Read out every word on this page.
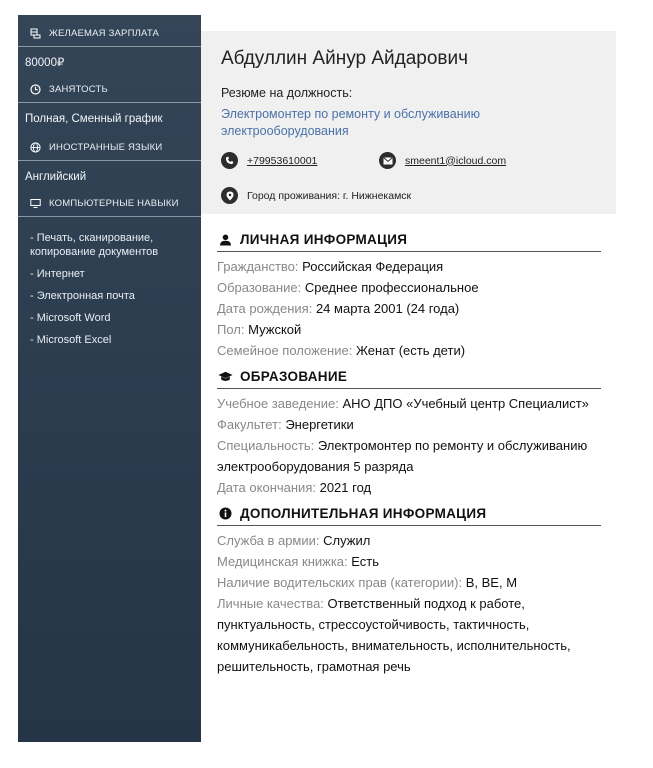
ЖЕЛАЕМАЯ ЗАРПЛАТА
80000₽
ЗАНЯТОСТЬ
Полная, Сменный график
ИНОСТРАННЫЕ ЯЗЫКИ
Английский
КОМПЬЮТЕРНЫЕ НАВЫКИ
- Печать, сканирование, копирование документов
- Интернет
- Электронная почта
- Microsoft Word
- Microsoft Excel
Абдуллин Айнур Айдарович
Резюме на должность:
Электромонтер по ремонту и обслуживанию электрооборудования
+79953610001	smeent1@icloud.com
Город проживания: г. Нижнекамск
ЛИЧНАЯ ИНФОРМАЦИЯ
Гражданство: Российская Федерация
Образование: Среднее профессиональное
Дата рождения: 24 марта 2001 (24 года)
Пол: Мужской
Семейное положение: Женат (есть дети)
ОБРАЗОВАНИЕ
Учебное заведение: АНО ДПО «Учебный центр Специалист»
Факультет: Энергетики
Специальность: Электромонтер по ремонту и обслуживанию электрооборудования 5 разряда
Дата окончания: 2021 год
ДОПОЛНИТЕЛЬНАЯ ИНФОРМАЦИЯ
Служба в армии: Служил
Медицинская книжка: Есть
Наличие водительских прав (категории): B, BE, M
Личные качества: Ответственный подход к работе, пунктуальность, стрессоустойчивость, тактичность, коммуникабельность, внимательность, исполнительность, решительность, грамотная речь
